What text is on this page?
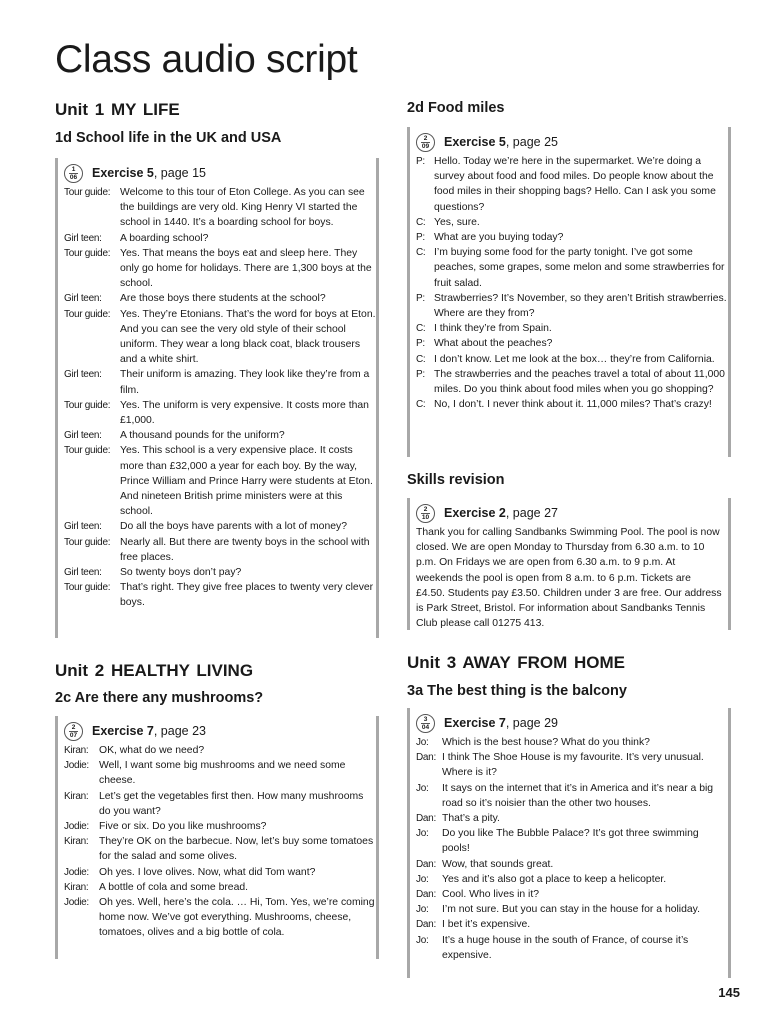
Class audio script
Unit 1 MY LIFE
1d School life in the UK and USA
1
06 Exercise 5, page 15
Tour guide: Welcome to this tour of Eton College. As you can see the buildings are very old. King Henry VI started the school in 1440. It’s a boarding school for boys.
Girl teen:	A boarding school?
Tour guide: Yes. That means the boys eat and sleep here. They only go home for holidays. There are 1,300 boys at the school.
Girl teen:	Are those boys there students at the school?
Tour guide: Yes. They’re Etonians. That’s the word for boys at Eton. And you can see the very old style of their school uniform. They wear a long black coat, black trousers and a white shirt.
Girl teen:	Their uniform is amazing. They look like they’re from a film.
Tour guide: Yes. The uniform is very expensive. It costs more than £1,000.
Girl teen:	A thousand pounds for the uniform?
Tour guide: Yes. This school is a very expensive place. It costs more than £32,000 a year for each boy. By the way, Prince William and Prince Harry were students at Eton. And nineteen British prime ministers were at this school.
Girl teen:	Do all the boys have parents with a lot of money?
Tour guide: Nearly all. But there are twenty boys in the school with free places.
Girl teen:	So twenty boys don’t pay?
Tour guide: That’s right. They give free places to twenty very clever boys.
Unit 2 HEALTHY LIVING
2c Are there any mushrooms?
2
07 Exercise 7, page 23
Kiran:	OK, what do we need?
Jodie: Well, I want some big mushrooms and we need some cheese.
Kiran:	Let’s get the vegetables first then. How many mushrooms do you want?
Jodie: Five or six. Do you like mushrooms?
Kiran:	They’re OK on the barbecue. Now, let’s buy some tomatoes for the salad and some olives.
Jodie: Oh yes. I love olives. Now, what did Tom want?
Kiran:	A bottle of cola and some bread.
Jodie: Oh yes. Well, here’s the cola. … Hi, Tom. Yes, we’re coming home now. We’ve got everything. Mushrooms, cheese, tomatoes, olives and a big bottle of cola.
2d Food miles
2
09 Exercise 5, page 25
P: Hello. Today we’re here in the supermarket. We’re doing a survey about food and food miles. Do people know about the food miles in their shopping bags? Hello. Can I ask you some questions?
C: Yes, sure.
P: What are you buying today?
C: I’m buying some food for the party tonight. I’ve got some peaches, some grapes, some melon and some strawberries for fruit salad.
P: Strawberries? It’s November, so they aren’t British strawberries. Where are they from?
C: I think they’re from Spain.
P: What about the peaches?
C: I don’t know. Let me look at the box… they’re from California.
P: The strawberries and the peaches travel a total of about 11,000 miles. Do you think about food miles when you go shopping?
C: No, I don’t. I never think about it. 11,000 miles? That’s crazy!
Skills revision
2
10 Exercise 2, page 27

Thank you for calling Sandbanks Swimming Pool. The pool is now closed. We are open Monday to Thursday from 6.30 a.m. to 10 p.m. On Fridays we are open from 6.30 a.m. to 9 p.m. At weekends the pool is open from 8 a.m. to 6 p.m. Tickets are £4.50. Students pay £3.50. Children under 3 are free. Our address is Park Street, Bristol. For information about Sandbanks Tennis Club please call 01275 413.

Unit 3 AWAY FROM HOME
3a The best thing is the balcony
3
04 Exercise 7, page 29
Jo:	Which is the best house? What do you think?
Dan: I think The Shoe House is my favourite. It’s very unusual. Where is it?
Jo:	It says on the internet that it’s in America and it’s near a big road so it’s noisier than the other two houses.
Dan: That’s a pity.
Jo:	Do you like The Bubble Palace? It’s got three swimming pools!
Dan: Wow, that sounds great.
Jo:	Yes and it’s also got a place to keep a helicopter.
Dan: Cool. Who lives in it?
Jo:	I’m not sure. But you can stay in the house for a holiday.
Dan: I bet it’s expensive.
Jo:	It’s a huge house in the south of France, of course it’s expensive.

145
